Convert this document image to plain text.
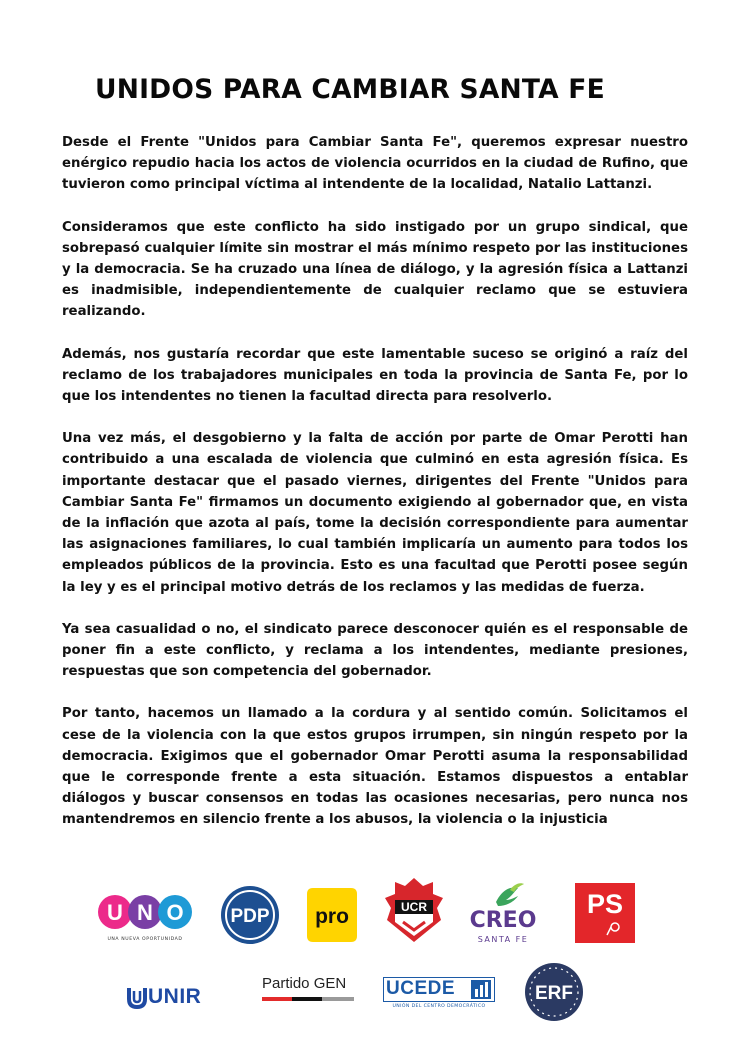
UNIDOS PARA CAMBIAR SANTA FE

Desde el Frente "Unidos para Cambiar Santa Fe", queremos expresar nuestro enérgico repudio hacia los actos de violencia ocurridos en la ciudad de Rufino, que tuvieron como principal víctima al intendente de la localidad, Natalio Lattanzi.

Consideramos que este conflicto ha sido instigado por un grupo sindical, que sobrepasó cualquier límite sin mostrar el más mínimo respeto por las instituciones y la democracia. Se ha cruzado una línea de diálogo, y la agresión física a Lattanzi es inadmisible, independientemente de cualquier reclamo que se estuviera realizando.

Además, nos gustaría recordar que este lamentable suceso se originó a raíz del reclamo de los trabajadores municipales en toda la provincia de Santa Fe, por lo que los intendentes no tienen la facultad directa para resolverlo.

Una vez más, el desgobierno y la falta de acción por parte de Omar Perotti han contribuido a una escalada de violencia que culminó en esta agresión física. Es importante destacar que el pasado viernes, dirigentes del Frente "Unidos para Cambiar Santa Fe" firmamos un documento exigiendo al gobernador que, en vista de la inflación que azota al país, tome la decisión correspondiente para aumentar las asignaciones familiares, lo cual también implicaría un aumento para todos los empleados públicos de la provincia. Esto es una facultad que Perotti posee según la ley y es el principal motivo detrás de los reclamos y las medidas de fuerza.

Ya sea casualidad o no, el sindicato parece desconocer quién es el responsable de poner fin a este conflicto, y reclama a los intendentes, mediante presiones, respuestas que son competencia del gobernador.

Por tanto, hacemos un llamado a la cordura y al sentido común. Solicitamos el cese de la violencia con la que estos grupos irrumpen, sin ningún respeto por la democracia. Exigimos que el gobernador Omar Perotti asuma la responsabilidad que le corresponde frente a esta situación. Estamos dispuestos a entablar diálogos y buscar consensos en todas las ocasiones necesarias, pero nunca nos mantendremos en silencio frente a los abusos, la violencia o la injusticia

U N O
UNA NUEVA OPORTUNIDAD
PDP pro	UCR
CREO
SANTA FE
PS
UNIR
Partido GEN UCEDE
UNIÓN DEL CENTRO DEMOCRÁTICO
ERF
